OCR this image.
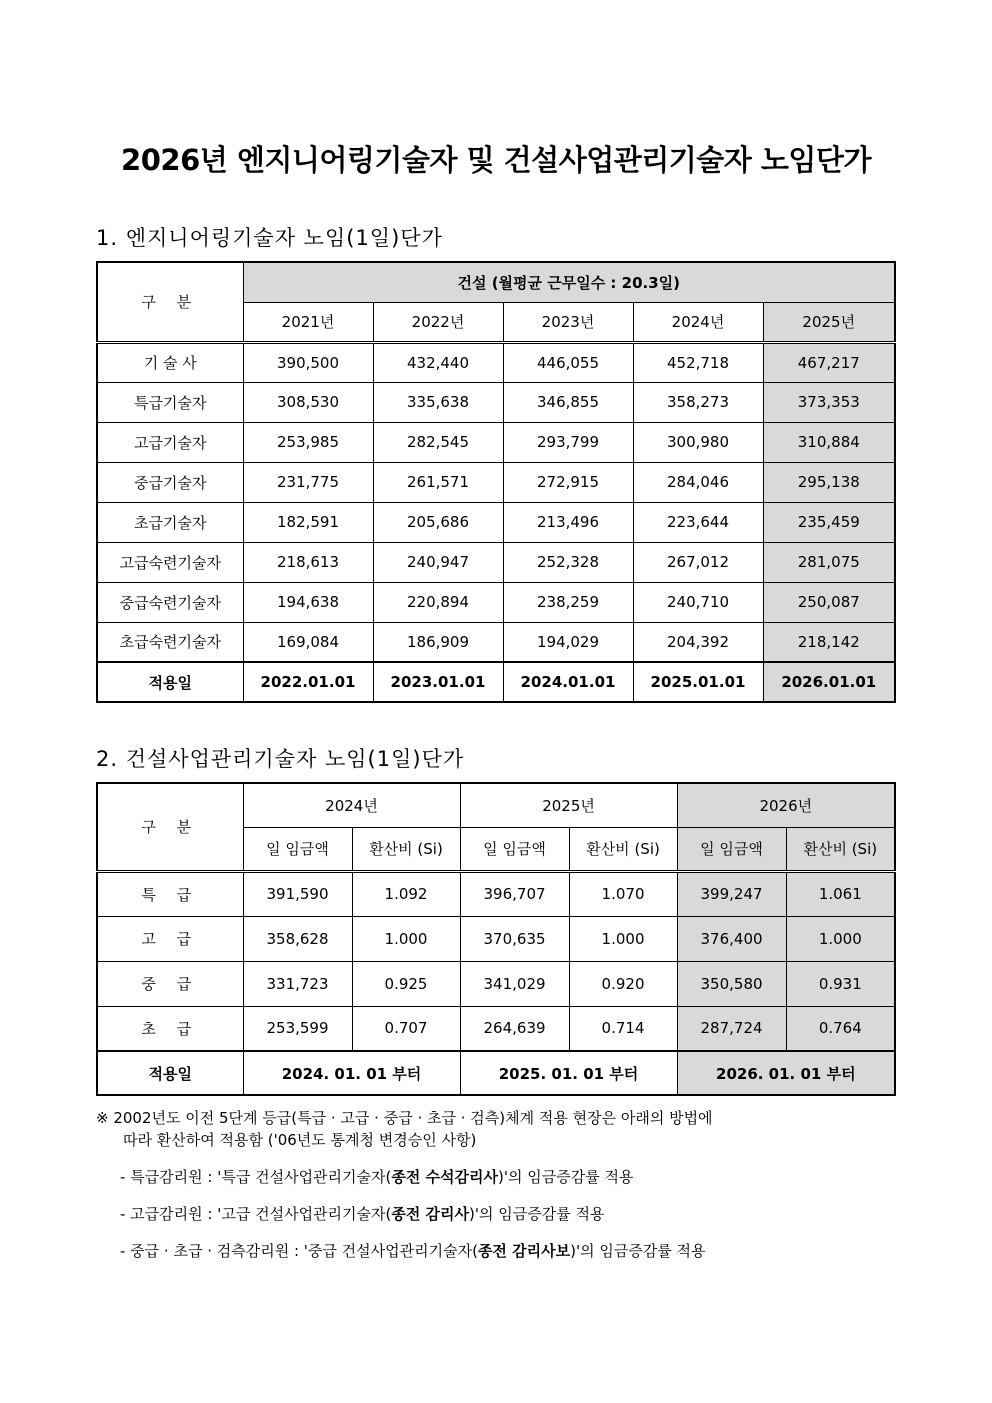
2026년 엔지니어링기술자 및 건설사업관리기술자 노임단가
1. 엔지니어링기술자 노임(1일)단가
구 분	건설 (월평균 근무일수 : 20.3일)				
	2021년	2022년	2023년	2024년	2025년
기 술 사	390,500	432,440	446,055	452,718	467,217
특급기술자	308,530	335,638	346,855	358,273	373,353
고급기술자	253,985	282,545	293,799	300,980	310,884
중급기술자	231,775	261,571	272,915	284,046	295,138
초급기술자	182,591	205,686	213,496	223,644	235,459
고급숙련기술자	218,613	240,947	252,328	267,012	281,075
중급숙련기술자	194,638	220,894	238,259	240,710	250,087
초급숙련기술자	169,084	186,909	194,029	204,392	218,142
적용일	2022.01.01	2023.01.01	2024.01.01	2025.01.01	2026.01.01
2. 건설사업관리기술자 노임(1일)단가
구 분	2024년		2025년		2026년	
	일 임금액	환산비 (Si)	일 임금액	환산비 (Si)	일 임금액	환산비 (Si)
특 급	391,590	1.092	396,707	1.070	399,247	1.061
고 급	358,628	1.000	370,635	1.000	376,400	1.000
중 급	331,723	0.925	341,029	0.920	350,580	0.931
초 급	253,599	0.707	264,639	0.714	287,724	0.764
적용일	2024. 01. 01 부터		2025. 01. 01 부터		2026. 01. 01 부터	
※ 2002년도 이전 5단계 등급(특급 · 고급 · 중급 · 초급 · 검측)체계 적용 현장은 아래의 방법에
따라 환산하여 적용함 ('06년도 통계청 변경승인 사항)
- 특급감리원 : '특급 건설사업관리기술자(종전 수석감리사)'의 임금증감률 적용
- 고급감리원 : '고급 건설사업관리기술자(종전 감리사)'의 임금증감률 적용
- 중급 · 초급 · 검측감리원 : '중급 건설사업관리기술자(종전 감리사보)'의 임금증감률 적용
